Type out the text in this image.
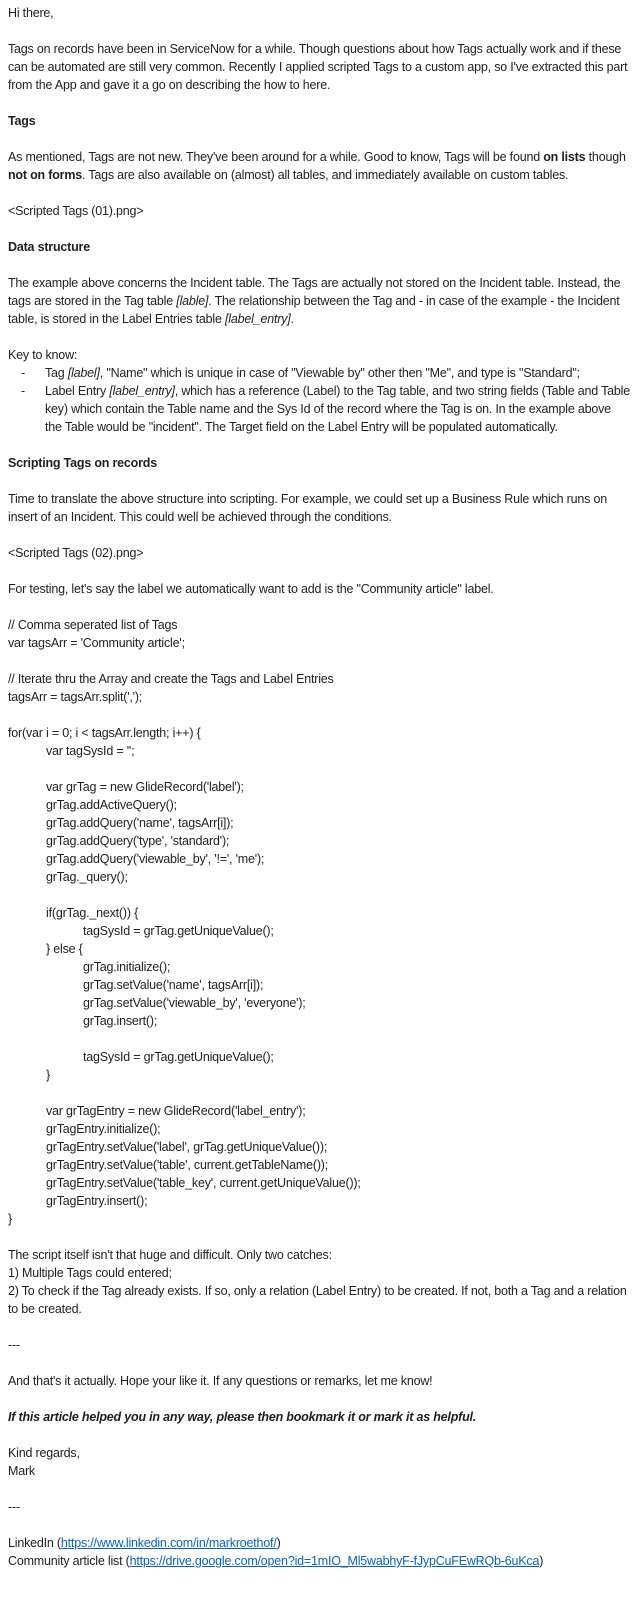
Hi there,
Tags on records have been in ServiceNow for a while. Though questions about how Tags actually work and if these can be automated are still very common. Recently I applied scripted Tags to a custom app, so I've extracted this part from the App and gave it a go on describing the how to here.
Tags
As mentioned, Tags are not new. They've been around for a while. Good to know, Tags will be found on lists though not on forms. Tags are also available on (almost) all tables, and immediately available on custom tables.
<Scripted Tags (01).png>
Data structure
The example above concerns the Incident table. The Tags are actually not stored on the Incident table. Instead, the tags are stored in the Tag table [lable]. The relationship between the Tag and - in case of the example - the Incident table, is stored in the Label Entries table [label_entry].
Key to know:
- Tag [label], "Name" which is unique in case of "Viewable by" other then "Me", and type is "Standard";
- Label Entry [label_entry], which has a reference (Label) to the Tag table, and two string fields (Table and Table key) which contain the Table name and the Sys Id of the record where the Tag is on. In the example above the Table would be "incident". The Target field on the Label Entry will be populated automatically.
Scripting Tags on records
Time to translate the above structure into scripting. For example, we could set up a Business Rule which runs on insert of an Incident. This could well be achieved through the conditions.
<Scripted Tags (02).png>
For testing, let's say the label we automatically want to add is the "Community article" label.
// Comma seperated list of Tags
var tagsArr = 'Community article';
// Iterate thru the Array and create the Tags and Label Entries
tagsArr = tagsArr.split(',');
for(var i = 0; i < tagsArr.length; i++) {
var tagSysId = '';
var grTag = new GlideRecord('label');
grTag.addActiveQuery();
grTag.addQuery('name', tagsArr[i]);
grTag.addQuery('type', 'standard');
grTag.addQuery('viewable_by', '!=', 'me');
grTag._query();
if(grTag._next()) {
tagSysId = grTag.getUniqueValue();
} else {
grTag.initialize();
grTag.setValue('name', tagsArr[i]);
grTag.setValue('viewable_by', 'everyone');
grTag.insert();
tagSysId = grTag.getUniqueValue();
}
var grTagEntry = new GlideRecord('label_entry');
grTagEntry.initialize();
grTagEntry.setValue('label', grTag.getUniqueValue());
grTagEntry.setValue('table', current.getTableName());
grTagEntry.setValue('table_key', current.getUniqueValue());
grTagEntry.insert();
}
The script itself isn't that huge and difficult. Only two catches:
1) Multiple Tags could entered;
2) To check if the Tag already exists. If so, only a relation (Label Entry) to be created. If not, both a Tag and a relation to be created.
---
And that's it actually. Hope your like it. If any questions or remarks, let me know!
If this article helped you in any way, please then bookmark it or mark it as helpful.
Kind regards,
Mark
---
LinkedIn (https://www.linkedin.com/in/markroethof/)
Community article list (https://drive.google.com/open?id=1mIO_Ml5wabhyF-fJypCuFEwRQb-6uKca)
